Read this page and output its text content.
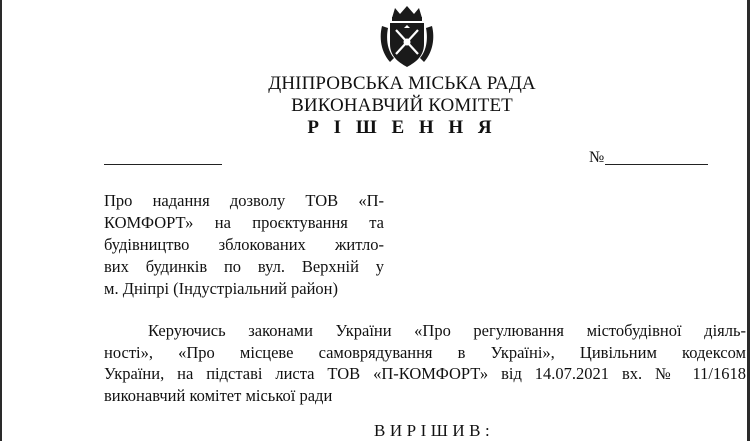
ДНІПРОВСЬКА МІСЬКА РАДА
ВИКОНАВЧИЙ КОМІТЕТ
Р І Ш Е Н Н Я
№
Про надання дозволу ТОВ «П-
КОМФОРТ» на проєктування та
будівництво зблокованих житло-
вих будинків по вул. Верхній у
м. Дніпрі (Індустріальний район)
Керуючись законами України «Про регулювання містобудівної діяль-
ності», «Про місцеве самоврядування в Україні», Цивільним кодексом
України, на підставі листа ТОВ «П-КОМФОРТ» від 14.07.2021 вх. № 11/1618
виконавчий комітет міської ради
ВИРІШИВ:
